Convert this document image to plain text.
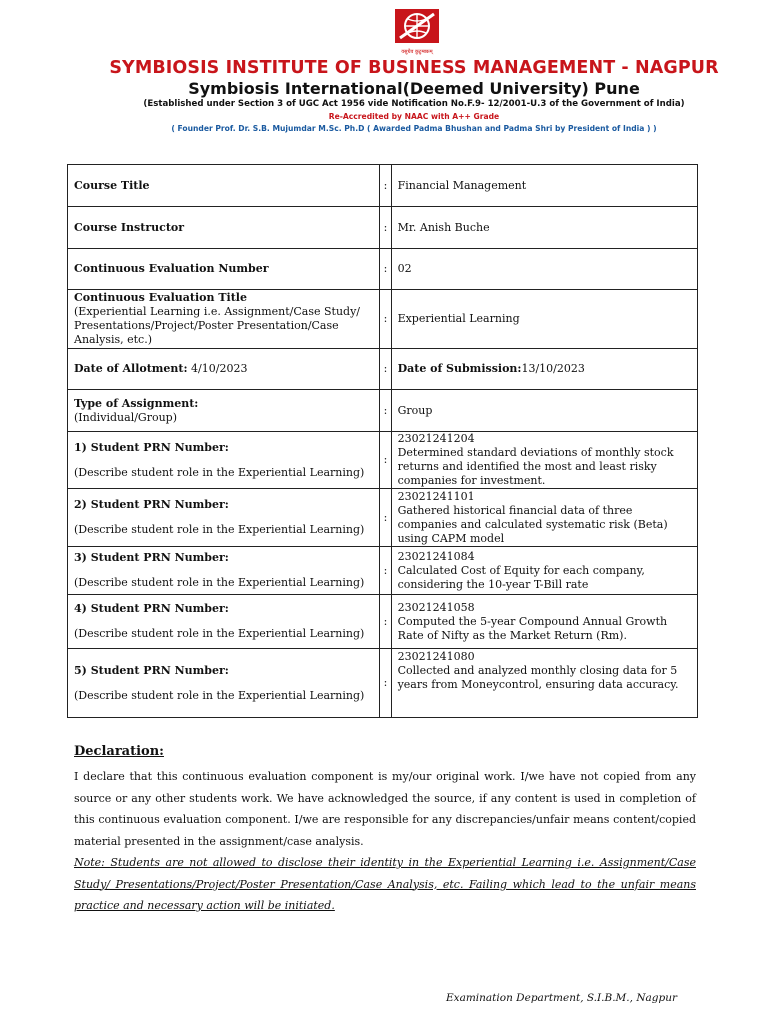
वसुधैव कुटुम्बकम्
SYMBIOSIS INSTITUTE OF BUSINESS MANAGEMENT - NAGPUR
Symbiosis International(Deemed University) Pune
(Established under Section 3 of UGC Act 1956 vide Notification No.F.9- 12/2001-U.3 of the Government of India)
Re-Accredited by NAAC with A++ Grade
( Founder Prof. Dr. S.B. Mujumdar M.Sc. Ph.D ( Awarded Padma Bhushan and Padma Shri by President of India ) )
Course Title	:	Financial Management
Course Instructor	:	Mr. Anish Buche
Continuous Evaluation Number	:	02
Continuous Evaluation Title
(Experiential Learning i.e. Assignment/Case Study/ Presentations/Project/Poster Presentation/Case Analysis, etc.)	:	Experiential Learning
Date of Allotment: 4/10/2023	:	Date of Submission:13/10/2023
Type of Assignment:
(Individual/Group)	:	Group
1) Student PRN Number:
(Describe student role in the Experiential Learning)	:	23021241204
Determined standard deviations of monthly stock returns and identified the most and least risky companies for investment.

2) Student PRN Number:
(Describe student role in the Experiential Learning)	:	23021241101
Gathered historical financial data of three companies and calculated systematic risk (Beta) using CAPM model

3) Student PRN Number:
(Describe student role in the Experiential Learning)	:	23021241084
Calculated Cost of Equity for each company, considering the 10-year T-Bill rate

4) Student PRN Number:
(Describe student role in the Experiential Learning)	:	23021241058
Computed the 5-year Compound Annual Growth Rate of Nifty as the Market Return (Rm).

5) Student PRN Number:
(Describe student role in the Experiential Learning)	:	23021241080
Collected and analyzed monthly closing data for 5 years from Moneycontrol, ensuring data accuracy.
Declaration:

I declare that this continuous evaluation component is my/our original work. I/we have not copied from any source or any other students work. We have acknowledged the source, if any content is used in completion of this continuous evaluation component. I/we are responsible for any discrepancies/unfair means content/copied material presented in the assignment/case analysis.

Note: Students are not allowed to disclose their identity in the Experiential Learning i.e. Assignment/Case Study/ Presentations/Project/Poster Presentation/Case Analysis, etc. Failing which lead to the unfair means practice and necessary action will be initiated.

Examination Department, S.I.B.M., Nagpur
